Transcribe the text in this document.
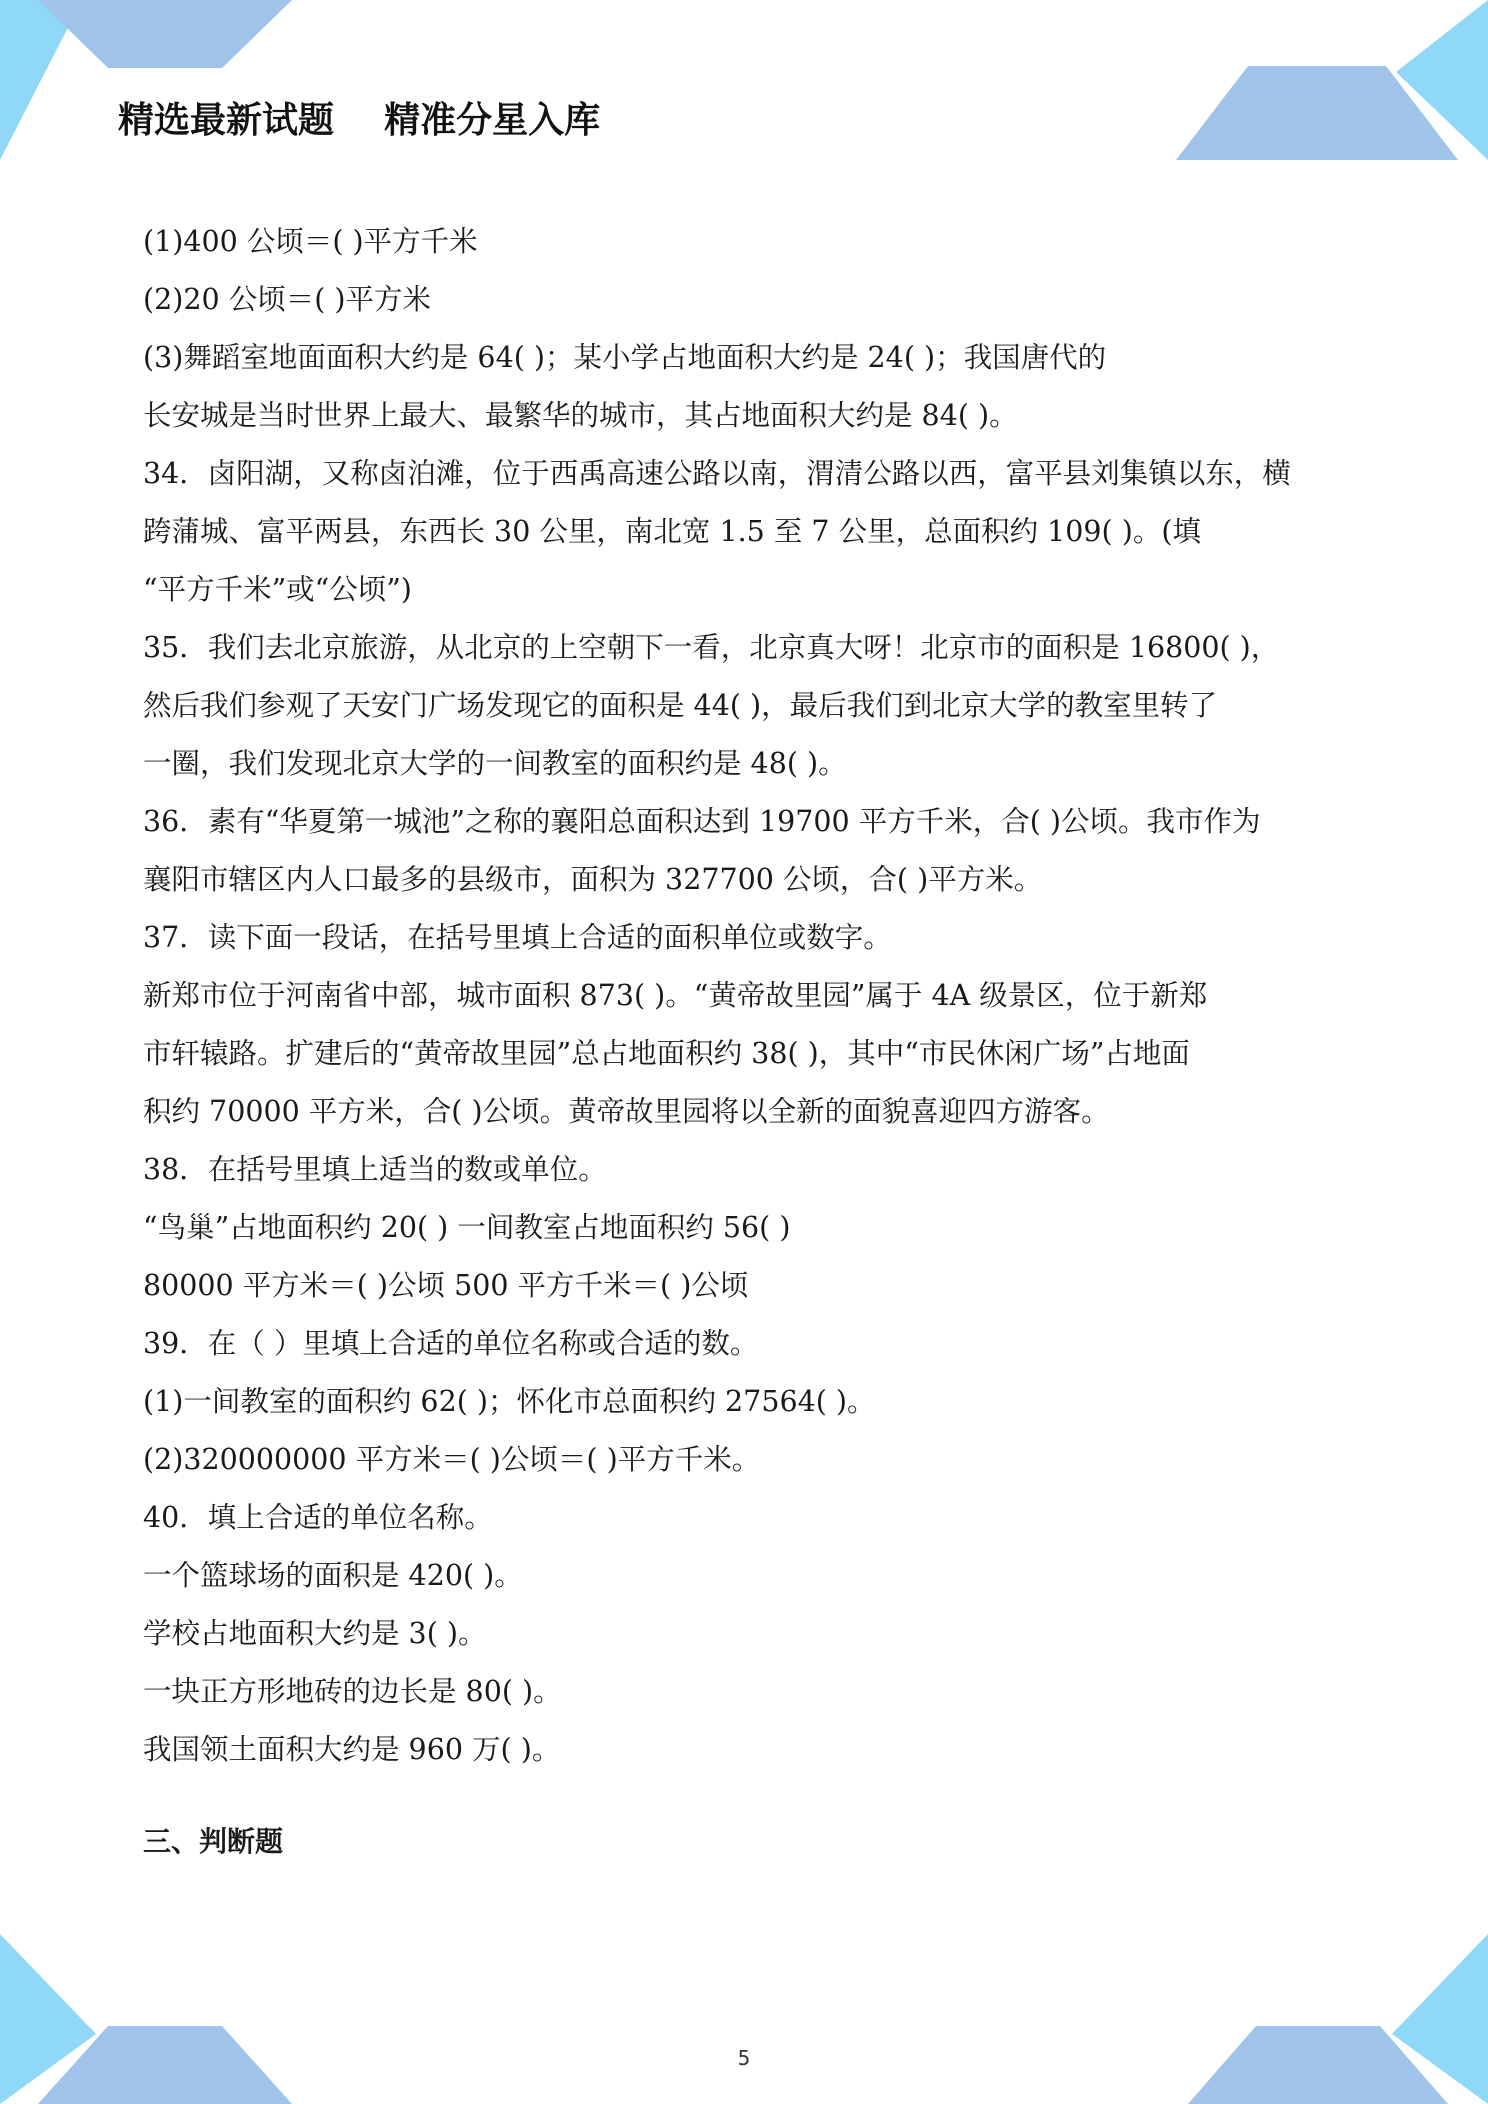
精选最新试题    精准分星入库

(1)400 公顷＝( )平方千米

(2)20 公顷＝( )平方米

(3)舞蹈室地面面积大约是 64( )；某小学占地面积大约是 24( )；我国唐代的

长安城是当时世界上最大、最繁华的城市，其占地面积大约是 84( )。

34．卤阳湖，又称卤泊滩，位于西禹高速公路以南，渭清公路以西，富平县刘集镇以东，横

跨蒲城、富平两县，东西长 30 公里，南北宽 1.5 至 7 公里，总面积约 109( )。(填

“平方千米”或“公顷”)

35．我们去北京旅游，从北京的上空朝下一看，北京真大呀！北京市的面积是 16800( )，

然后我们参观了天安门广场发现它的面积是 44( )，最后我们到北京大学的教室里转了

一圈，我们发现北京大学的一间教室的面积约是 48( )。

36．素有“华夏第一城池”之称的襄阳总面积达到 19700 平方千米，合( )公顷。我市作为

襄阳市辖区内人口最多的县级市，面积为 327700 公顷，合( )平方米。

37．读下面一段话，在括号里填上合适的面积单位或数字。

新郑市位于河南省中部，城市面积 873( )。“黄帝故里园”属于 4A 级景区，位于新郑

市轩辕路。扩建后的“黄帝故里园”总占地面积约 38( )，其中“市民休闲广场”占地面

积约 70000 平方米，合( )公顷。黄帝故里园将以全新的面貌喜迎四方游客。

38．在括号里填上适当的数或单位。

“鸟巢”占地面积约 20( ) 一间教室占地面积约 56( )

80000 平方米＝( )公顷 500 平方千米＝( )公顷

39．在（ ）里填上合适的单位名称或合适的数。

(1)一间教室的面积约 62( )；怀化市总面积约 27564( )。

(2)320000000 平方米＝( )公顷＝( )平方千米。

40．填上合适的单位名称。

一个篮球场的面积是 420( )。

学校占地面积大约是 3( )。

一块正方形地砖的边长是 80( )。

我国领土面积大约是 960 万( )。

三、判断题
5
